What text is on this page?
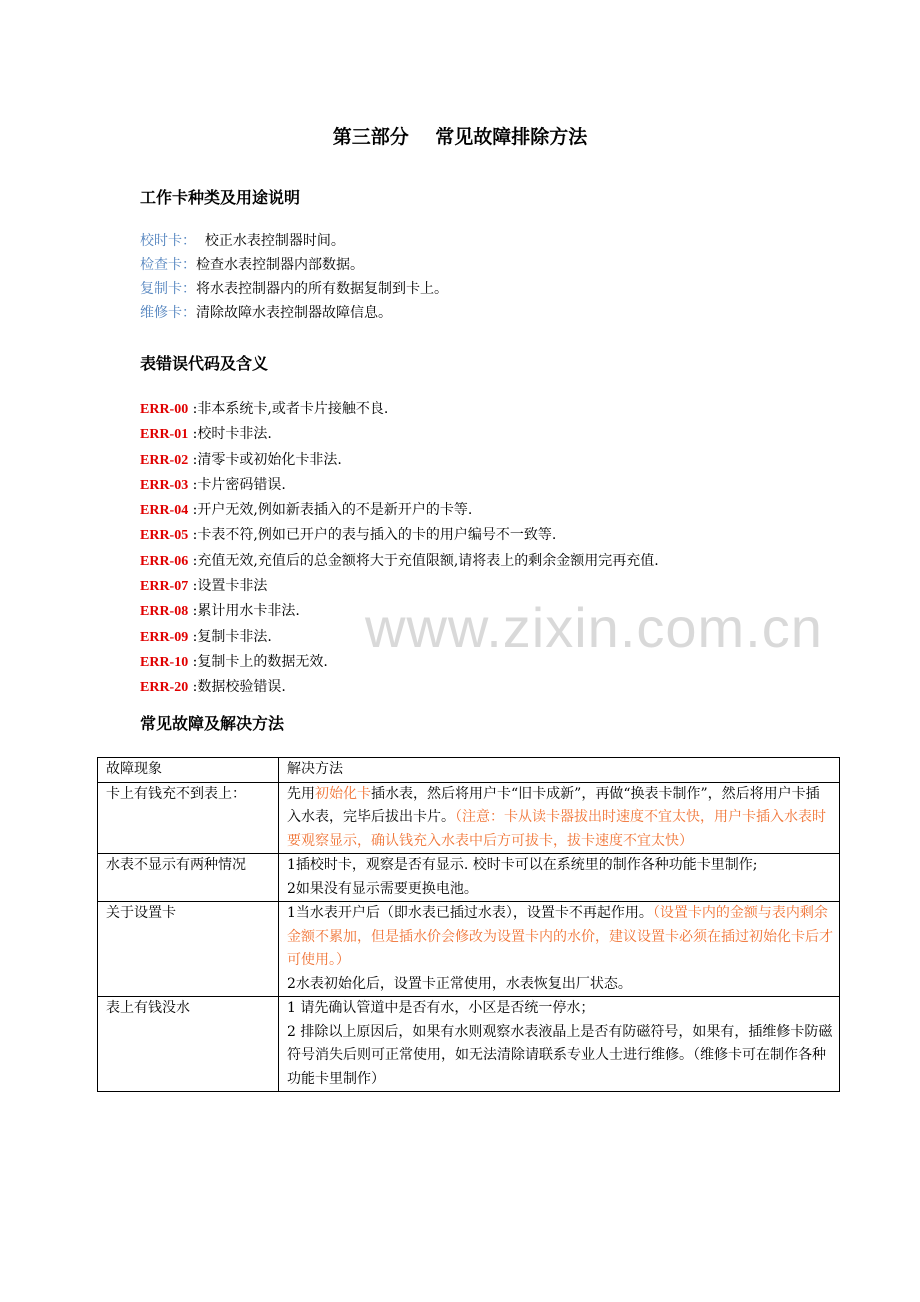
第三部分    常见故障排除方法
工作卡种类及用途说明
校时卡：  校正水表控制器时间。
检查卡：检查水表控制器内部数据。
复制卡：将水表控制器内的所有数据复制到卡上。
维修卡：清除故障水表控制器故障信息。
表错误代码及含义
ERR-00 :非本系统卡,或者卡片接触不良.
ERR-01 :校时卡非法.
ERR-02 :清零卡或初始化卡非法.
ERR-03 :卡片密码错误.
ERR-04 :开户无效,例如新表插入的不是新开户的卡等.
ERR-05 :卡表不符,例如已开户的表与插入的卡的用户编号不一致等.
ERR-06 :充值无效,充值后的总金额将大于充值限额,请将表上的剩余金额用完再充值.
ERR-07 :设置卡非法
ERR-08 :累计用水卡非法.
ERR-09 :复制卡非法.
ERR-10 :复制卡上的数据无效.
ERR-20 :数据校验错误.
www.zixin.com.cn
常见故障及解决方法
故障现象	解决方法
卡上有钱充不到表上：	先用初始化卡插水表，然后将用户卡“旧卡成新”，再做“换表卡制作”，然后将用户卡插入水表，完毕后拔出卡片。（注意：卡从读卡器拔出时速度不宜太快，用户卡插入水表时要观察显示，确认钱充入水表中后方可拔卡，拔卡速度不宜太快）
水表不显示有两种情况	1插校时卡，观察是否有显示. 校时卡可以在系统里的制作各种功能卡里制作;
2如果没有显示需要更换电池。

关于设置卡	1当水表开户后（即水表已插过水表），设置卡不再起作用。（设置卡内的金额与表内剩余金额不累加，但是插水价会修改为设置卡内的水价，建议设置卡必须在插过初始化卡后才可使用。）
2水表初始化后，设置卡正常使用，水表恢复出厂状态。

表上有钱没水	1 请先确认管道中是否有水，小区是否统一停水；
2 排除以上原因后，如果有水则观察水表液晶上是否有防磁符号，如果有，插维修卡防磁符号消失后则可正常使用，如无法清除请联系专业人士进行维修。（维修卡可在制作各种功能卡里制作）
